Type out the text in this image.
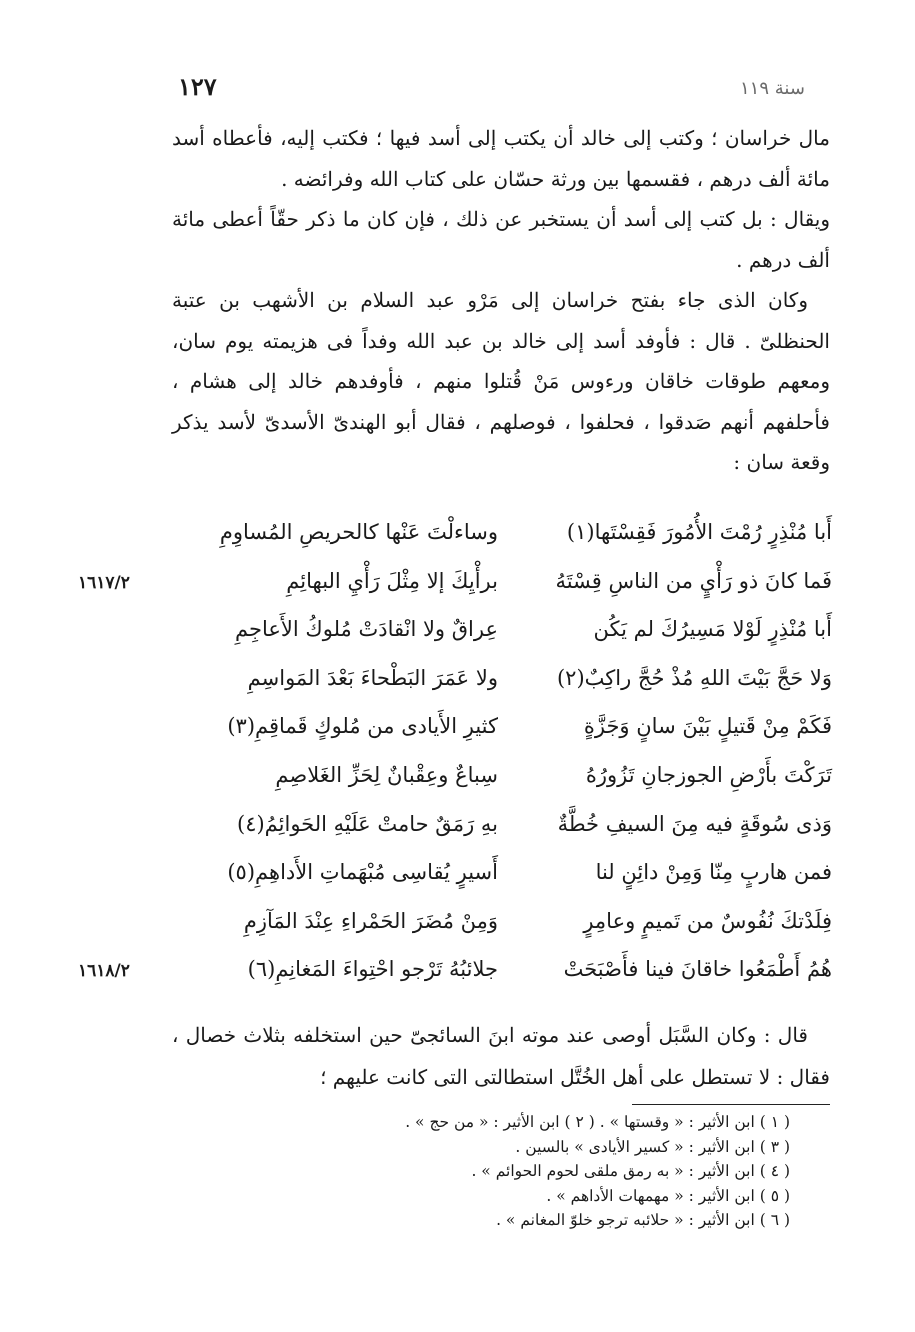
١٢٧	سنة ١١٩

مال خراسان ؛ وكتب إلى خالد أن يكتب إلى أسد فيها ؛ فكتب إليه، فأعطاه أسد مائة ألف درهم ، فقسمها بين ورثة حسّان على كتاب الله وفرائضه .

ويقال : بل كتب إلى أسد أن يستخبر عن ذلك ، فإن كان ما ذكر حقّاً أعطى مائة ألف درهم .

وكان الذى جاء بفتح خراسان إلى مَرْو عبد السلام بن الأشهب بن عتبة الحنظلىّ . قال : فأوفد أسد إلى خالد بن عبد الله وفداً فى هزيمته يوم سان، ومعهم طوقات خاقان ورءوس مَنْ قُتلوا منهم ، فأوفدهم خالد إلى هشام ، فأحلفهم أنهم صَدقوا ، فحلفوا ، فوصلهم ، فقال أبو الهندىّ الأسدىّ لأسد يذكر وقعة سان :

أَبا مُنْذِرٍ رُمْتَ الأُمُورَ فَقِسْتَها(١)
وساءلْتَ عَنْها كالحريصِ المُساوِمِ
فَما كانَ ذو رَأْيٍ من الناسِ قِسْتَهُ
برأْيِكَ إلا مِثْلَ رَأْيِ البهائِمِ
أَبا مُنْذِرٍ لَوْلا مَسِيرُكَ لم يَكُن
عِراقٌ ولا انْقادَتْ مُلوكُ الأَعاجِمِ
وَلا حَجَّ بَيْتَ اللهِ مُذْ حُجَّ راكِبٌ(٢)
ولا عَمَرَ البَطْحاءَ بَعْدَ المَواسِمِ
فَكَمْ مِنْ قَتيلٍ بَيْنَ سانٍ وَجَزَّةٍ
كثيرِ الأَيادى من مُلوكٍ قَماقِمِ(٣)
تَرَكْتَ بأَرْضِ الجوزجانِ تَزُورُهُ
سِباعٌ وعِقْبانٌ لِحَزِّ الغَلاصِمِ
وَذى سُوقَةٍ فيه مِنَ السيفِ خُطَّةٌ
بهِ رَمَقٌ حامتْ عَلَيْهِ الحَوائِمُ(٤)
فمن هاربٍ مِنّا وَمِنْ دائِنٍ لنا
أَسيرٍ يُقاسِى مُبْهَماتِ الأَداهِمِ(٥)
فِلَدْتكَ نُفُوسٌ من تَميمٍ وعامِرٍ
وَمِنْ مُضَرَ الحَمْراءِ عِنْدَ المَآزِمِ
هُمُ أَطْمَعُوا خاقانَ فينا فأَصْبَحَتْ
جلائبُهُ تَرْجو احْتِواءَ المَغانِمِ(٦)
١٦١٧/٢
١٦١٨/٢

قال : وكان السَّبَل أوصى عند موته ابنَ السائجىّ حين استخلفه بثلاث خصال ، فقال : لا تستطل على أهل الخُتَّل استطالتى التى كانت عليهم ؛

( ١ ) ابن الأثير : « وقستها » . ( ٢ ) ابن الأثير : « من حج » .
( ٣ ) ابن الأثير : « كسير الأيادى » بالسين .
( ٤ ) ابن الأثير : « به رمق ملقى لحوم الحوائم » .
( ٥ ) ابن الأثير : « مهمهات الأداهم » .
( ٦ ) ابن الأثير : « حلائبه ترجو خلوّ المغانم » .
